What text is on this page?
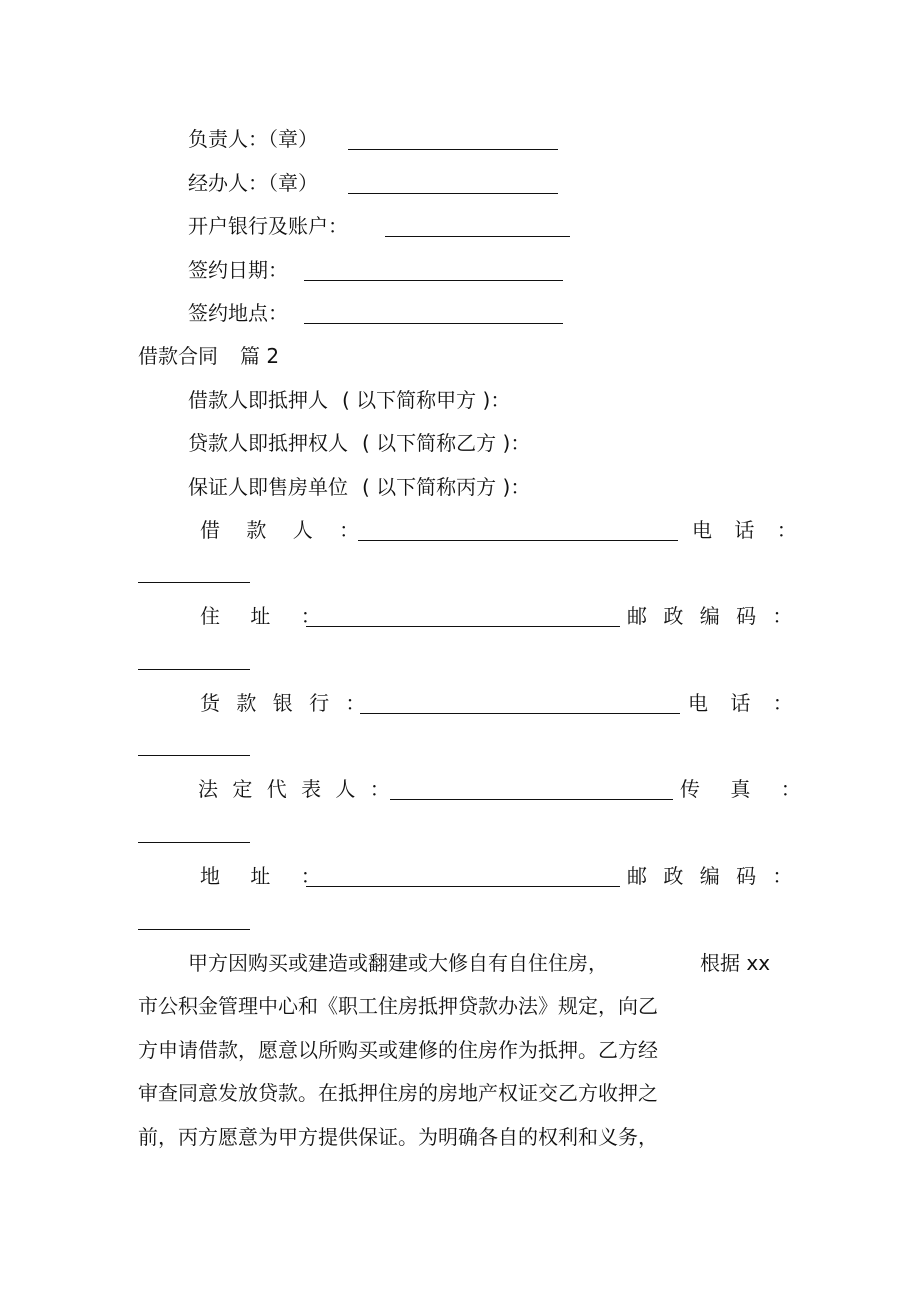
负责人：（章）
经办人：（章）
开户银行及账户：
签约日期：
签约地点：
借款合同 篇 2
借款人即抵押人 ( 以下简称甲方 )：
贷款人即抵押权人 ( 以下简称乙方 )：
保证人即售房单位 ( 以下简称丙方 )：
借 款 人 ：	电 话 ：
住 址 ：	邮 政 编 码 ：
货 款 银 行 ：	电 话 ：
法 定 代 表 人 ：	传 真 ：
地 址 ：	邮 政 编 码 ：
甲方因购买或建造或翻建或大修自有自住住房，	根据 xx
市公积金管理中心和《职工住房抵押贷款办法》规定，向乙
方申请借款，愿意以所购买或建修的住房作为抵押。乙方经
审查同意发放贷款。在抵押住房的房地产权证交乙方收押之
前，丙方愿意为甲方提供保证。为明确各自的权利和义务，
